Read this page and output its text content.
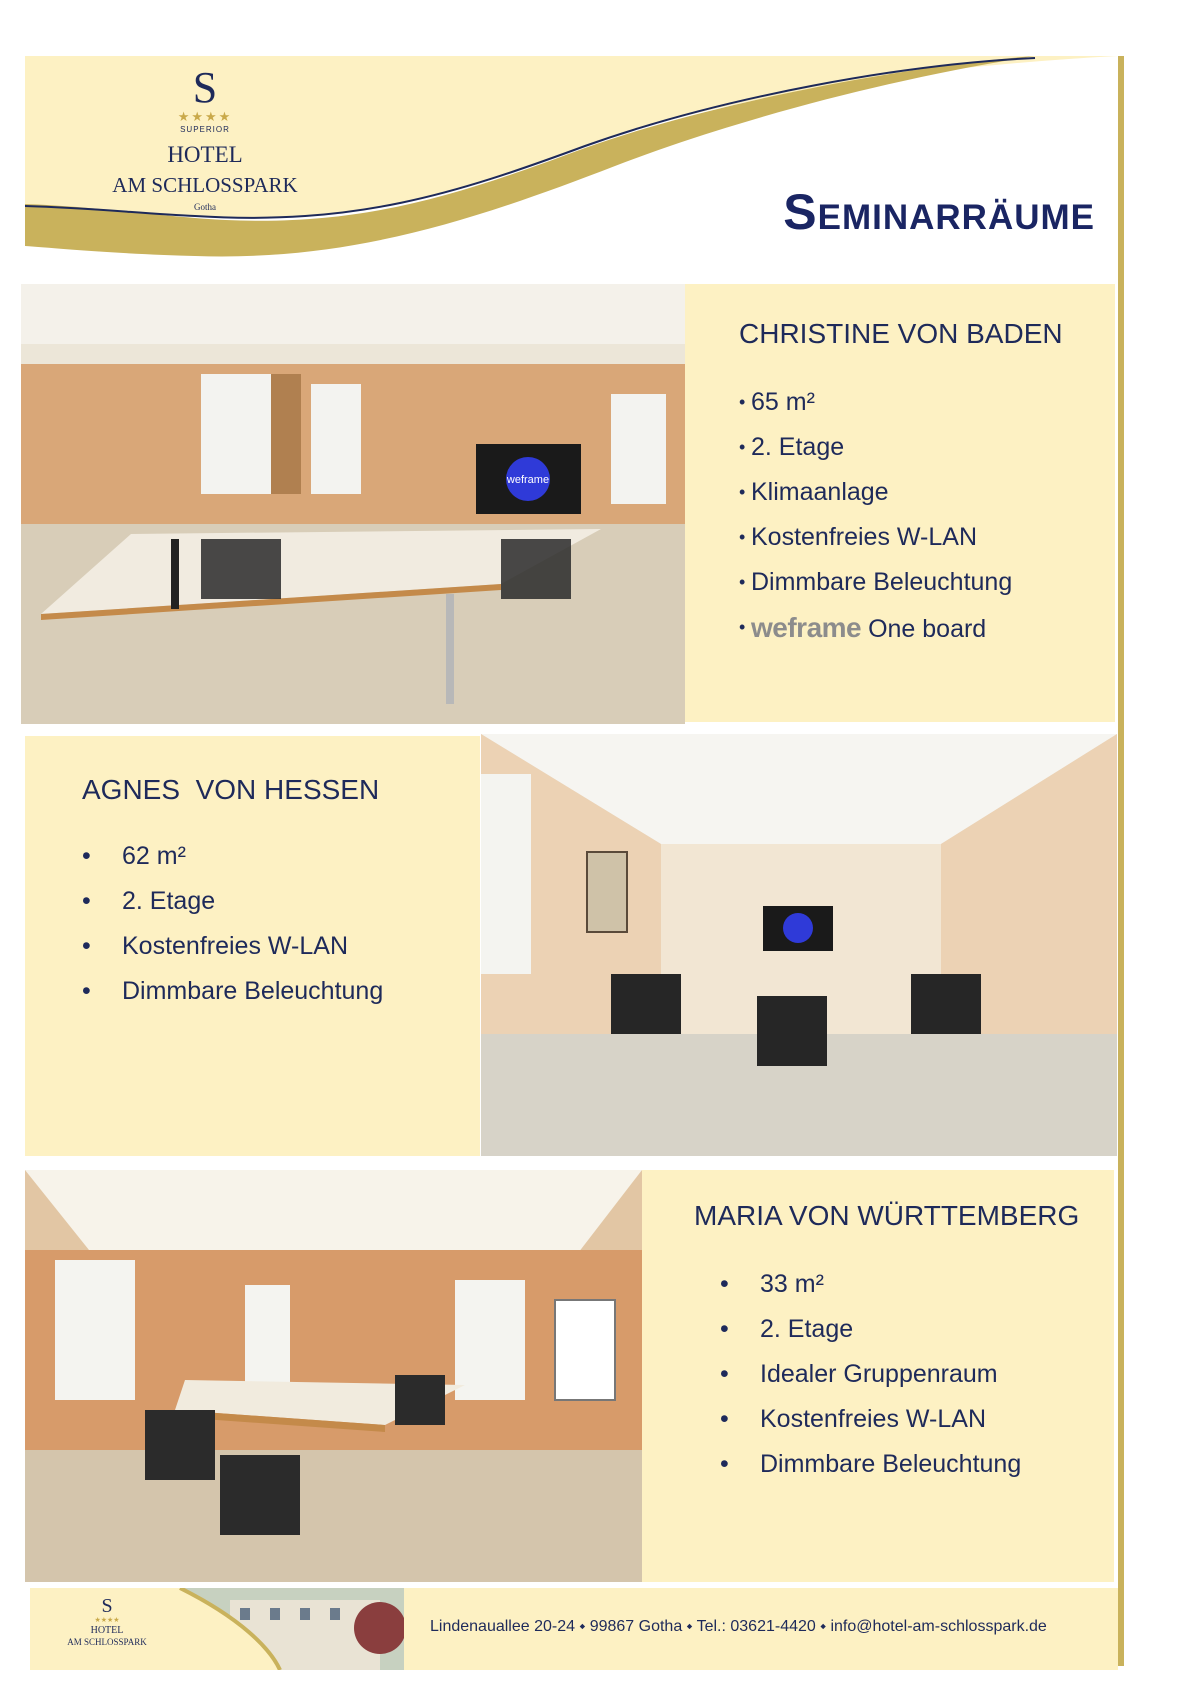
S
★★★★
SUPERIOR
HOTEL
AM SCHLOSSPARK
Gotha	Seminarräume
weframe
CHRISTINE VON BADEN
• 65 m²
• 2. Etage
• Klimaanlage
• Kostenfreies W-LAN
• Dimmbare Beleuchtung
• weframe One board
AGNES  VON HESSEN
• 62 m²
• 2. Etage
• Kostenfreies W-LAN
• Dimmbare Beleuchtung
MARIA VON WÜRTTEMBERG
• 33 m²
• 2. Etage
• Idealer Gruppenraum
• Kostenfreies W-LAN
• Dimmbare Beleuchtung
S
★★★★
HOTEL
AM SCHLOSSPARK
Lindenauallee 20-24 ⬩ 99867 Gotha ⬩ Tel.: 03621-4420 ⬩ info@hotel-am-schlosspark.de
